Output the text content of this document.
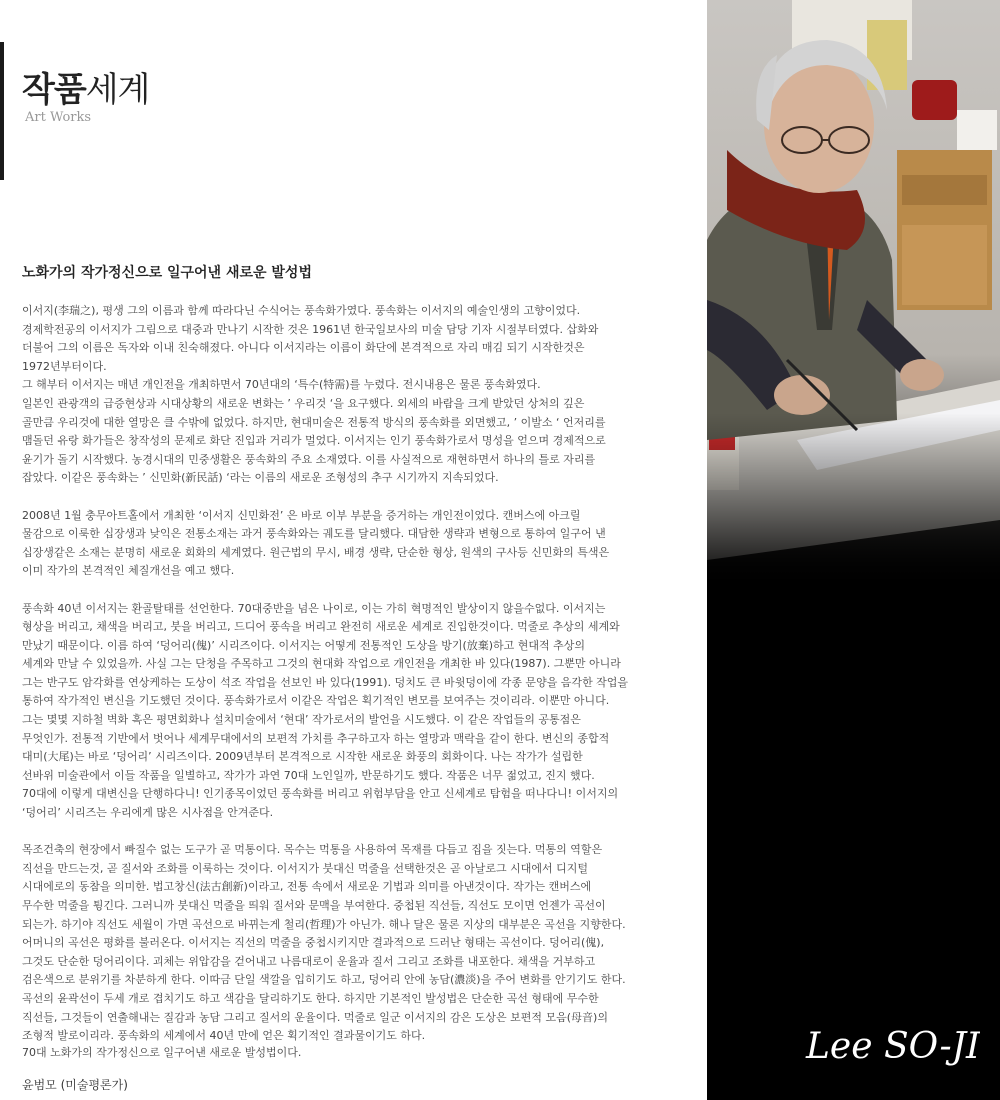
작품세계
Art Works
노화가의 작가정신으로 일구어낸 새로운 발성법

이서지(李瑞之), 평생 그의 이름과 함께 따라다닌 수식어는 풍속화가였다. 풍속화는 이서지의 예술인생의 고향이었다.
경제학전공의 이서지가 그림으로 대중과 만나기 시작한 것은 1961년 한국일보사의 미술 담당 기자 시절부터였다. 삽화와
더불어 그의 이름은 독자와 이내 친숙해졌다. 아니다 이서지라는 이름이 화단에 본격적으로 자리 매김 되기 시작한것은
1972년부터이다.
그 해부터 이서지는 매년 개인전을 개최하면서 70년대의 ‘특수(特需)를 누렸다. 전시내용은 물론 풍속화였다.
일본인 관광객의 급증현상과 시대상황의 새로운 변화는 ’ 우리것 ‘을 요구했다. 외세의 바람을 크게 받았던 상처의 깊은
골만큼 우리것에 대한 열망은 클 수밖에 없었다. 하지만, 현대미술은 전통적 방식의 풍속화를 외면했고, ’ 이발소 ‘ 언저리를
맴돌던 유랑 화가들은 창작성의 문제로 화단 진입과 거리가 멀었다. 이서지는 인기 풍속화가로서 명성을 얻으며 경제적으로
윤기가 돌기 시작했다. 농경시대의 민중생활은 풍속화의 주요 소재였다. 이를 사실적으로 재현하면서 하나의 틀로 자리를
잡았다. 이같은 풍속화는 ’ 신민화(新民話) ‘라는 이름의 새로운 조형성의 추구 시기까지 지속되었다.

2008년 1월 충무아트홀에서 개최한 ‘이서지 신민화전’ 은 바로 이부 부분을 증거하는 개인전이었다. 캔버스에 아크릴
물감으로 이룩한 십장생과 낮익은 전통소재는 과거 풍속화와는 궤도를 달리했다. 대담한 생략과 변형으로 통하여 일구어 낸
십장생같은 소재는 분명히 새로운 회화의 세계였다. 원근법의 무시, 배경 생략, 단순한 형상, 원색의 구사등 신민화의 특색은
이미 작가의 본격적인 체질개선을 예고 했다.

풍속화 40년 이서지는 환골탈태를 선언한다. 70대중반을 넘은 나이로, 이는 가히 혁명적인 발상이지 않을수없다. 이서지는
형상을 버리고, 채색을 버리고, 붓을 버리고, 드디어 풍속을 버리고 완전히 새로운 세계로 진입한것이다. 먹줄로 추상의 세계와
만났기 때문이다. 이름 하여 ‘덩어리(傀)’ 시리즈이다. 이서지는 어떻게 전통적인 도상을 방기(放棄)하고 현대적 추상의
세계와 만날 수 있었을까. 사실 그는 단청을 주목하고 그것의 현대화 작업으로 개인전을 개최한 바 있다(1987). 그뿐만 아니라
그는 반구도 암각화를 연상케하는 도상이 석조 작업을 선보인 바 있다(1991). 덩치도 큰 바윗덩이에 각종 문양을 음각한 작업을
통하여 작가적인 변신을 기도했던 것이다. 풍속화가로서 이같은 작업은 획기적인 변모를 보여주는 것이리라. 이뿐만 아니다.
그는 몇몇 지하철 벽화 혹은 평면회화나 설치미술에서 ‘현대’ 작가로서의 발언을 시도했다. 이 같은 작업들의 공통점은
무엇인가. 전통적 기반에서 벗어나 세계무대에서의 보편적 가치를 추구하고자 하는 열망과 맥락을 같이 한다. 변신의 종합적
대미(大尾)는 바로 ‘덩어리’ 시리즈이다. 2009년부터 본격적으로 시작한 새로운 화풍의 회화이다. 나는 작가가 설립한
선바위 미술관에서 이들 작품을 일별하고, 작가가 과연 70대 노인일까, 반문하기도 했다. 작품은 너무 젊었고, 진지 했다.
70대에 이렇게 대변신을 단행하다니! 인기종목이었던 풍속화를 버리고 위험부담을 안고 신세계로 탐험을 떠나다니! 이서지의
‘덩어리’ 시리즈는 우리에게 많은 시사점을 안겨준다.

목조건축의 현장에서 빠질수 없는 도구가 곧 먹통이다. 목수는 먹통을 사용하여 목재를 다듬고 집을 짓는다. 먹통의 역할은
직선을 만드는것, 곧 질서와 조화를 이룩하는 것이다. 이서지가 붓대신 먹줄을 선택한것은 곧 아날로그 시대에서 디지털
시대에로의 동참을 의미한. 법고창신(法古創新)이라고, 전통 속에서 새로운 기법과 의미를 아낸것이다. 작가는 캔버스에
무수한 먹줄을 튕긴다. 그러니까 붓대신 먹줄을 띄워 질서와 문맥을 부여한다. 중첩된 직선들, 직선도 모이면 언젠가 곡선이
되는가. 하기야 직선도 세월이 가면 곡선으로 바뀌는게 철리(哲理)가 아닌가. 해나 달은 물론 지상의 대부분은 곡선을 지향한다.
어머니의 곡선은 평화를 불러온다. 이서지는 직선의 먹줄을 중첩시키지만 결과적으로 드러난 형태는 곡선이다. 덩어리(傀),
그것도 단순한 덩어리이다. 괴체는 위압감을 걷어내고 나름대로이 운율과 질서 그리고 조화를 내포한다. 채색을 거부하고
검은색으로 분위기를 차분하게 한다. 이따금 단일 색깔을 입히기도 하고, 덩어리 안에 농담(濃淡)을 주어 변화를 안기기도 한다.
곡선의 윤곽선이 두세 개로 겹치기도 하고 색감을 달리하기도 한다. 하지만 기본적인 발성법은 단순한 곡선 형태에 무수한
직선들, 그것들이 연출해내는 질감과 농담 그리고 질서의 운율이다. 먹줄로 일군 이서지의 감은 도상은 보편적 모음(母音)의
조형적 발로이리라. 풍속화의 세계에서 40년 만에 얻은 획기적인 결과물이기도 하다.

70대 노화가의 작가정신으로 일구어낸 새로운 발성법이다.
윤범모 (미술평론가)
Lee SO-JI
